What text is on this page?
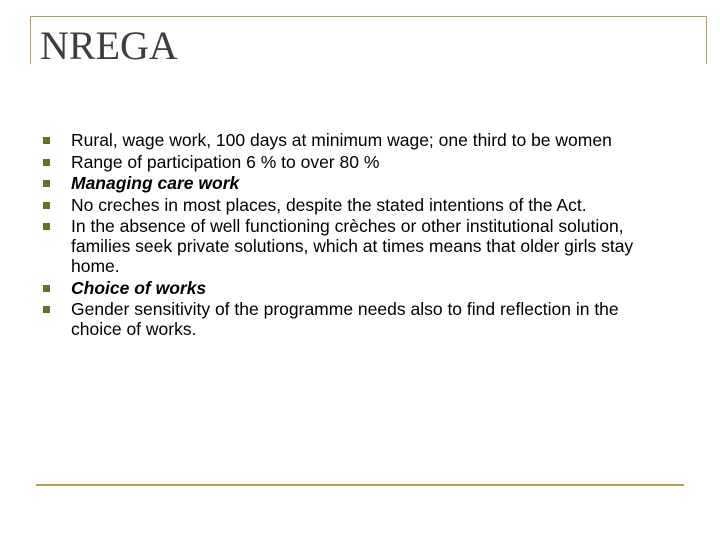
NREGA
Rural, wage work, 100 days at minimum wage; one third to be women
Range of participation 6 % to over 80 %
Managing care work
No creches in most places, despite the stated intentions of the Act.
In the absence of well functioning crèches or other institutional solution, families seek private solutions, which at times means that older girls stay home.
Choice of works
Gender sensitivity of the programme needs also to find reflection in the choice of works.
